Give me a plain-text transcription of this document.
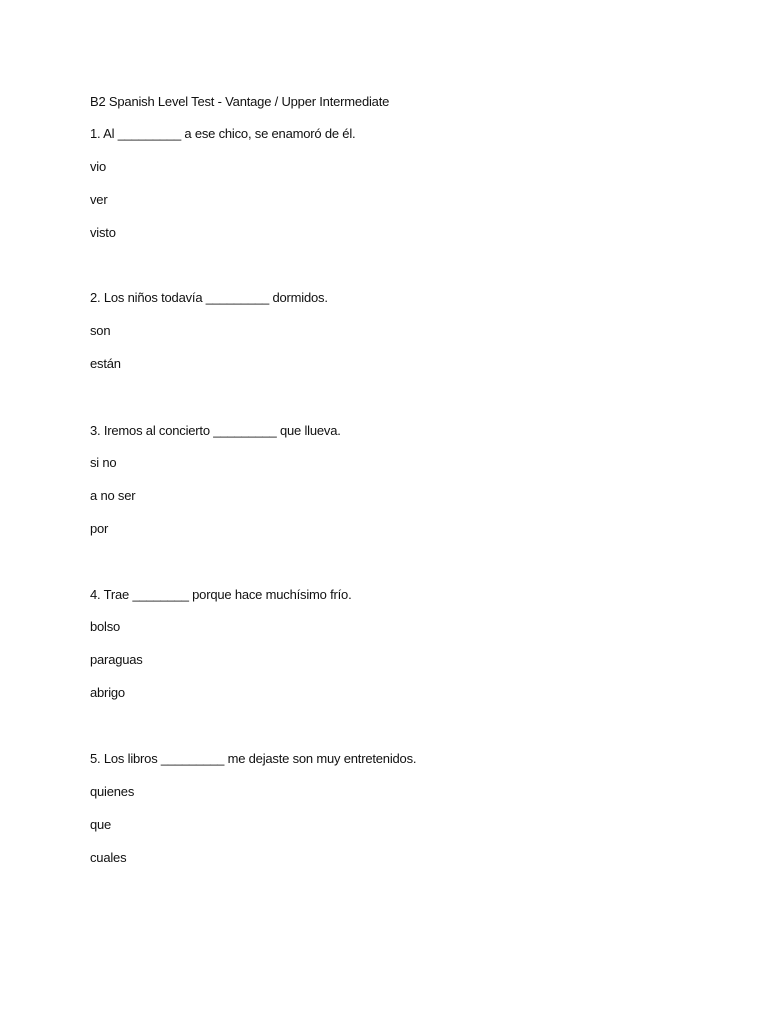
B2 Spanish Level Test - Vantage / Upper Intermediate
1. Al _________ a ese chico, se enamoró de él.
vio
ver
visto
2. Los niños todavía _________ dormidos.
son
están
3. Iremos al concierto _________ que llueva.
si no
a no ser
por
4. Trae ________ porque hace muchísimo frío.
bolso
paraguas
abrigo
5. Los libros _________ me dejaste son muy entretenidos.
quienes
que
cuales
